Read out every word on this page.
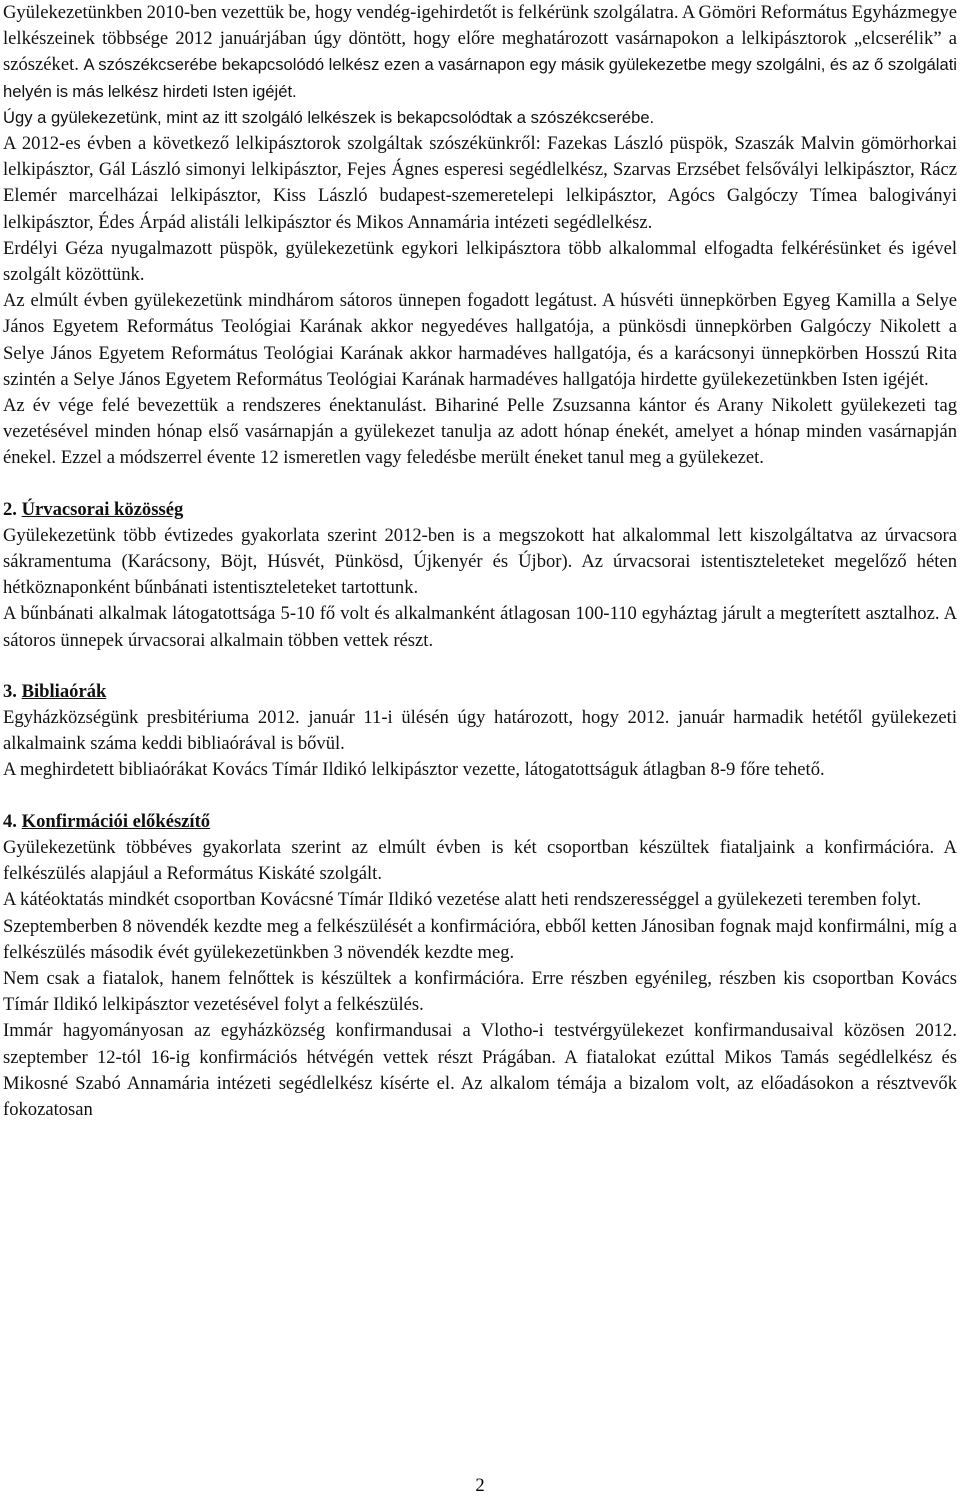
Gyülekezetünkben 2010-ben vezettük be, hogy vendég-igehirdetőt is felkérünk szolgálatra. A Gömöri Református Egyházmegye lelkészeinek többsége 2012 januárjában úgy döntött, hogy előre meghatározott vasárnapokon a lelkipásztorok „elcserélik” a szószéket. A szószékcserébe bekapcsolódó lelkész ezen a vasárnapon egy másik gyülekezetbe megy szolgálni, és az ő szolgálati helyén is más lelkész hirdeti Isten igéjét.

Úgy a gyülekezetünk, mint az itt szolgáló lelkészek is bekapcsolódtak a szószékcserébe.

A 2012-es évben a következő lelkipásztorok szolgáltak szószékünkről: Fazekas László püspök, Szaszák Malvin gömörhorkai lelkipásztor, Gál László simonyi lelkipásztor, Fejes Ágnes esperesi segédlelkész, Szarvas Erzsébet felsővályi lelkipásztor, Rácz Elemér marcelházai lelkipásztor, Kiss László budapest-szemeretelepi lelkipásztor, Agócs Galgóczy Tímea balogiványi lelkipásztor, Édes Árpád alistáli lelkipásztor és Mikos Annamária intézeti segédlelkész.

Erdélyi Géza nyugalmazott püspök, gyülekezetünk egykori lelkipásztora több alkalommal elfogadta felkérésünket és igével szolgált közöttünk.

Az elmúlt évben gyülekezetünk mindhárom sátoros ünnepen fogadott legátust. A húsvéti ünnepkörben Egyeg Kamilla a Selye János Egyetem Református Teológiai Karának akkor negyedéves hallgatója, a pünkösdi ünnepkörben Galgóczy Nikolett a Selye János Egyetem Református Teológiai Karának akkor harmadéves hallgatója, és a karácsonyi ünnepkörben Hosszú Rita szintén a Selye János Egyetem Református Teológiai Karának harmadéves hallgatója hirdette gyülekezetünkben Isten igéjét.

Az év vége felé bevezettük a rendszeres énektanulást. Bihariné Pelle Zsuzsanna kántor és Arany Nikolett gyülekezeti tag vezetésével minden hónap első vasárnapján a gyülekezet tanulja az adott hónap énekét, amelyet a hónap minden vasárnapján énekel. Ezzel a módszerrel évente 12 ismeretlen vagy feledésbe merült éneket tanul meg a gyülekezet.

2. Úrvacsorai közösség

Gyülekezetünk több évtizedes gyakorlata szerint 2012-ben is a megszokott hat alkalommal lett kiszolgáltatva az úrvacsora sákramentuma (Karácsony, Böjt, Húsvét, Pünkösd, Újkenyér és Újbor). Az úrvacsorai istentiszteleteket megelőző héten hétköznaponként bűnbánati istentiszteleteket tartottunk.

A bűnbánati alkalmak látogatottsága 5-10 fő volt és alkalmanként átlagosan 100-110 egyháztag járult a megterített asztalhoz. A sátoros ünnepek úrvacsorai alkalmain többen vettek részt.

3. Bibliaórák

Egyházközségünk presbitériuma 2012. január 11-i ülésén úgy határozott, hogy 2012. január harmadik hetétől gyülekezeti alkalmaink száma keddi bibliaórával is bővül.

A meghirdetett bibliaórákat Kovács Tímár Ildikó lelkipásztor vezette, látogatottságuk átlagban 8-9 főre tehető.

4. Konfirmációi előkészítő

Gyülekezetünk többéves gyakorlata szerint az elmúlt évben is két csoportban készültek fiataljaink a konfirmációra. A felkészülés alapjául a Református Kiskáté szolgált.

A kátéoktatás mindkét csoportban Kovácsné Tímár Ildikó vezetése alatt heti rendszerességgel a gyülekezeti teremben folyt.

Szeptemberben 8 növendék kezdte meg a felkészülését a konfirmációra, ebből ketten Jánosiban fognak majd konfirmálni, míg a felkészülés második évét gyülekezetünkben 3 növendék kezdte meg.

Nem csak a fiatalok, hanem felnőttek is készültek a konfirmációra. Erre részben egyénileg, részben kis csoportban Kovács Tímár Ildikó lelkipásztor vezetésével folyt a felkészülés.

Immár hagyományosan az egyházközség konfirmandusai a Vlotho-i testvérgyülekezet konfirmandusaival közösen 2012. szeptember 12-tól 16-ig konfirmációs hétvégén vettek részt Prágában. A fiatalokat ezúttal Mikos Tamás segédlelkész és Mikosné Szabó Annamária intézeti segédlelkész kísérte el. Az alkalom témája a bizalom volt, az előadásokon a résztvevők fokozatosan

2
